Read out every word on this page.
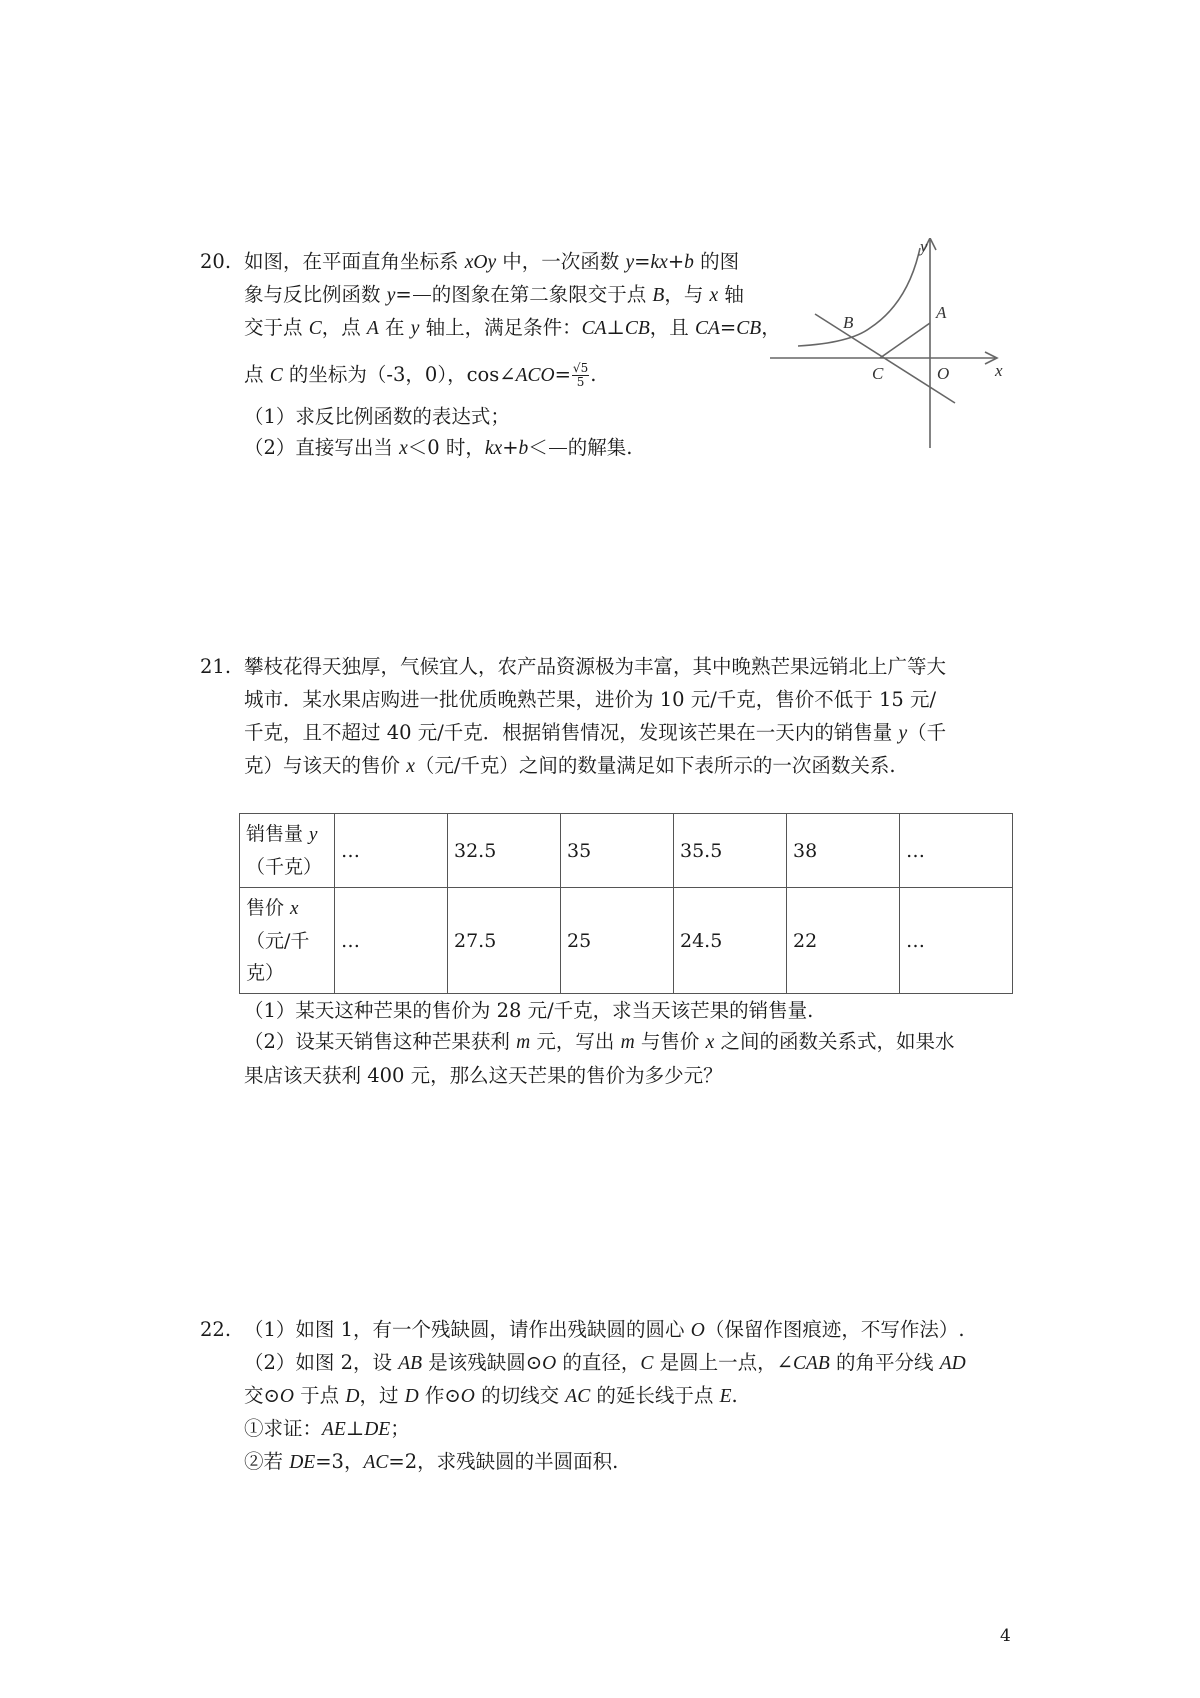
20. 如图，在平面直角坐标系 xOy 中，一次函数 y=kx+b 的图
象与反比例函数 y= 的图象在第二象限交于点 B，与 x 轴
交于点 C，点 A 在 y 轴上，满足条件：CA⊥CB，且 CA=CB，
点 C 的坐标为（-3，0），cos∠ACO= $\frac{√5}{5}$ .
（1）求反比例函数的表达式；
（2）直接写出当 x＜0 时，kx+b＜ 的解集.
y
x
A
B
C	O
21. 攀枝花得天独厚，气候宜人，农产品资源极为丰富，其中晚熟芒果远销北上广等大
城市．某水果店购进一批优质晚熟芒果，进价为 10 元/千克，售价不低于 15 元/
千克，且不超过 40 元/千克．根据销售情况，发现该芒果在一天内的销售量 y（千
克）与该天的售价 x（元/千克）之间的数量满足如下表所示的一次函数关系.
销售量 y
（千克）	…	32.5	35	35.5	38	…

售价 x
（元/千
克）	…	27.5	25	24.5	22	…
（1）某天这种芒果的售价为 28 元/千克，求当天该芒果的销售量.
（2）设某天销售这种芒果获利 m 元，写出 m 与售价 x 之间的函数关系式，如果水
果店该天获利 400 元，那么这天芒果的售价为多少元？
22. （1）如图 1，有一个残缺圆，请作出残缺圆的圆心 O（保留作图痕迹，不写作法）.
（2）如图 2，设 AB 是该残缺圆⊙O 的直径，C 是圆上一点，∠CAB 的角平分线 AD
交⊙O 于点 D，过 D 作⊙O 的切线交 AC 的延长线于点 E.
①求证：AE⊥DE；
②若 DE=3，AC=2，求残缺圆的半圆面积.
4
